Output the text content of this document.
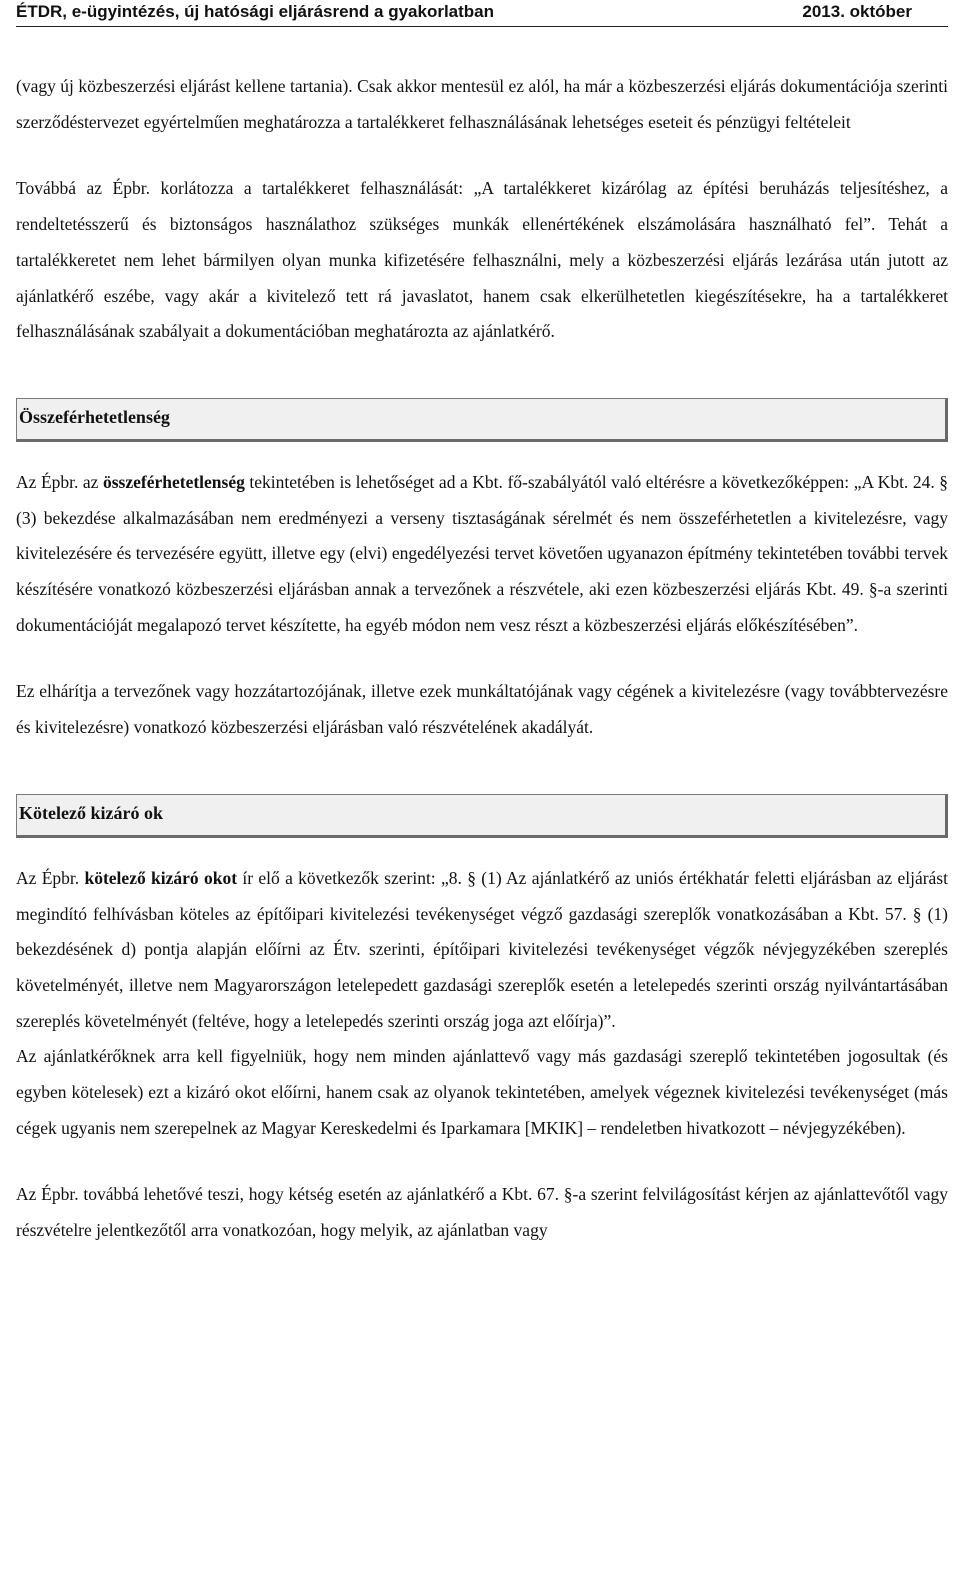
ÉTDR, e-ügyintézés, új hatósági eljárásrend a gyakorlatban	2013. október

(vagy új közbeszerzési eljárást kellene tartania). Csak akkor mentesül ez alól, ha már a közbeszerzési eljárás dokumentációja szerinti szerződéstervezet egyértelműen meghatározza a tartalékkeret felhasználásának lehetséges eseteit és pénzügyi feltételeit

Továbbá az Épbr. korlátozza a tartalékkeret felhasználását: „A tartalékkeret kizárólag az építési beruházás teljesítéshez, a rendeltetésszerű és biztonságos használathoz szükséges munkák ellenértékének elszámolására használható fel”. Tehát a tartalékkeretet nem lehet bármilyen olyan munka kifizetésére felhasználni, mely a közbeszerzési eljárás lezárása után jutott az ajánlatkérő eszébe, vagy akár a kivitelező tett rá javaslatot, hanem csak elkerülhetetlen kiegészítésekre, ha a tartalékkeret felhasználásának szabályait a dokumentációban meghatározta az ajánlatkérő.

Összeférhetetlenség

Az Épbr. az összeférhetetlenség tekintetében is lehetőséget ad a Kbt. fő-szabályától való eltérésre a következőképpen: „A Kbt. 24. § (3) bekezdése alkalmazásában nem eredményezi a verseny tisztaságának sérelmét és nem összeférhetetlen a kivitelezésre, vagy kivitelezésére és tervezésére együtt, illetve egy (elvi) engedélyezési tervet követően ugyanazon építmény tekintetében további tervek készítésére vonatkozó közbeszerzési eljárásban annak a tervezőnek a részvétele, aki ezen közbeszerzési eljárás Kbt. 49. §-a szerinti dokumentációját megalapozó tervet készítette, ha egyéb módon nem vesz részt a közbeszerzési eljárás előkészítésében”.

Ez elhárítja a tervezőnek vagy hozzátartozójának, illetve ezek munkáltatójának vagy cégének a kivitelezésre (vagy továbbtervezésre és kivitelezésre) vonatkozó közbeszerzési eljárásban való részvételének akadályát.

Kötelező kizáró ok

Az Épbr. kötelező kizáró okot ír elő a következők szerint: „8. § (1) Az ajánlatkérő az uniós értékhatár feletti eljárásban az eljárást megindító felhívásban köteles az építőipari kivitelezési tevékenységet végző gazdasági szereplők vonatkozásában a Kbt. 57. § (1) bekezdésének d) pontja alapján előírni az Étv. szerinti, építőipari kivitelezési tevékenységet végzők névjegyzékében szereplés követelményét, illetve nem Magyarországon letelepedett gazdasági szereplők esetén a letelepedés szerinti ország nyilvántartásában szereplés követelményét (feltéve, hogy a letelepedés szerinti ország joga azt előírja)”.

Az ajánlatkérőknek arra kell figyelniük, hogy nem minden ajánlattevő vagy más gazdasági szereplő tekintetében jogosultak (és egyben kötelesek) ezt a kizáró okot előírni, hanem csak az olyanok tekintetében, amelyek végeznek kivitelezési tevékenységet (más cégek ugyanis nem szerepelnek az Magyar Kereskedelmi és Iparkamara [MKIK] – rendeletben hivatkozott – névjegyzékében).

Az Épbr. továbbá lehetővé teszi, hogy kétség esetén az ajánlatkérő a Kbt. 67. §-a szerint felvilágosítást kérjen az ajánlattevőtől vagy részvételre jelentkezőtől arra vonatkozóan, hogy melyik, az ajánlatban vagy
